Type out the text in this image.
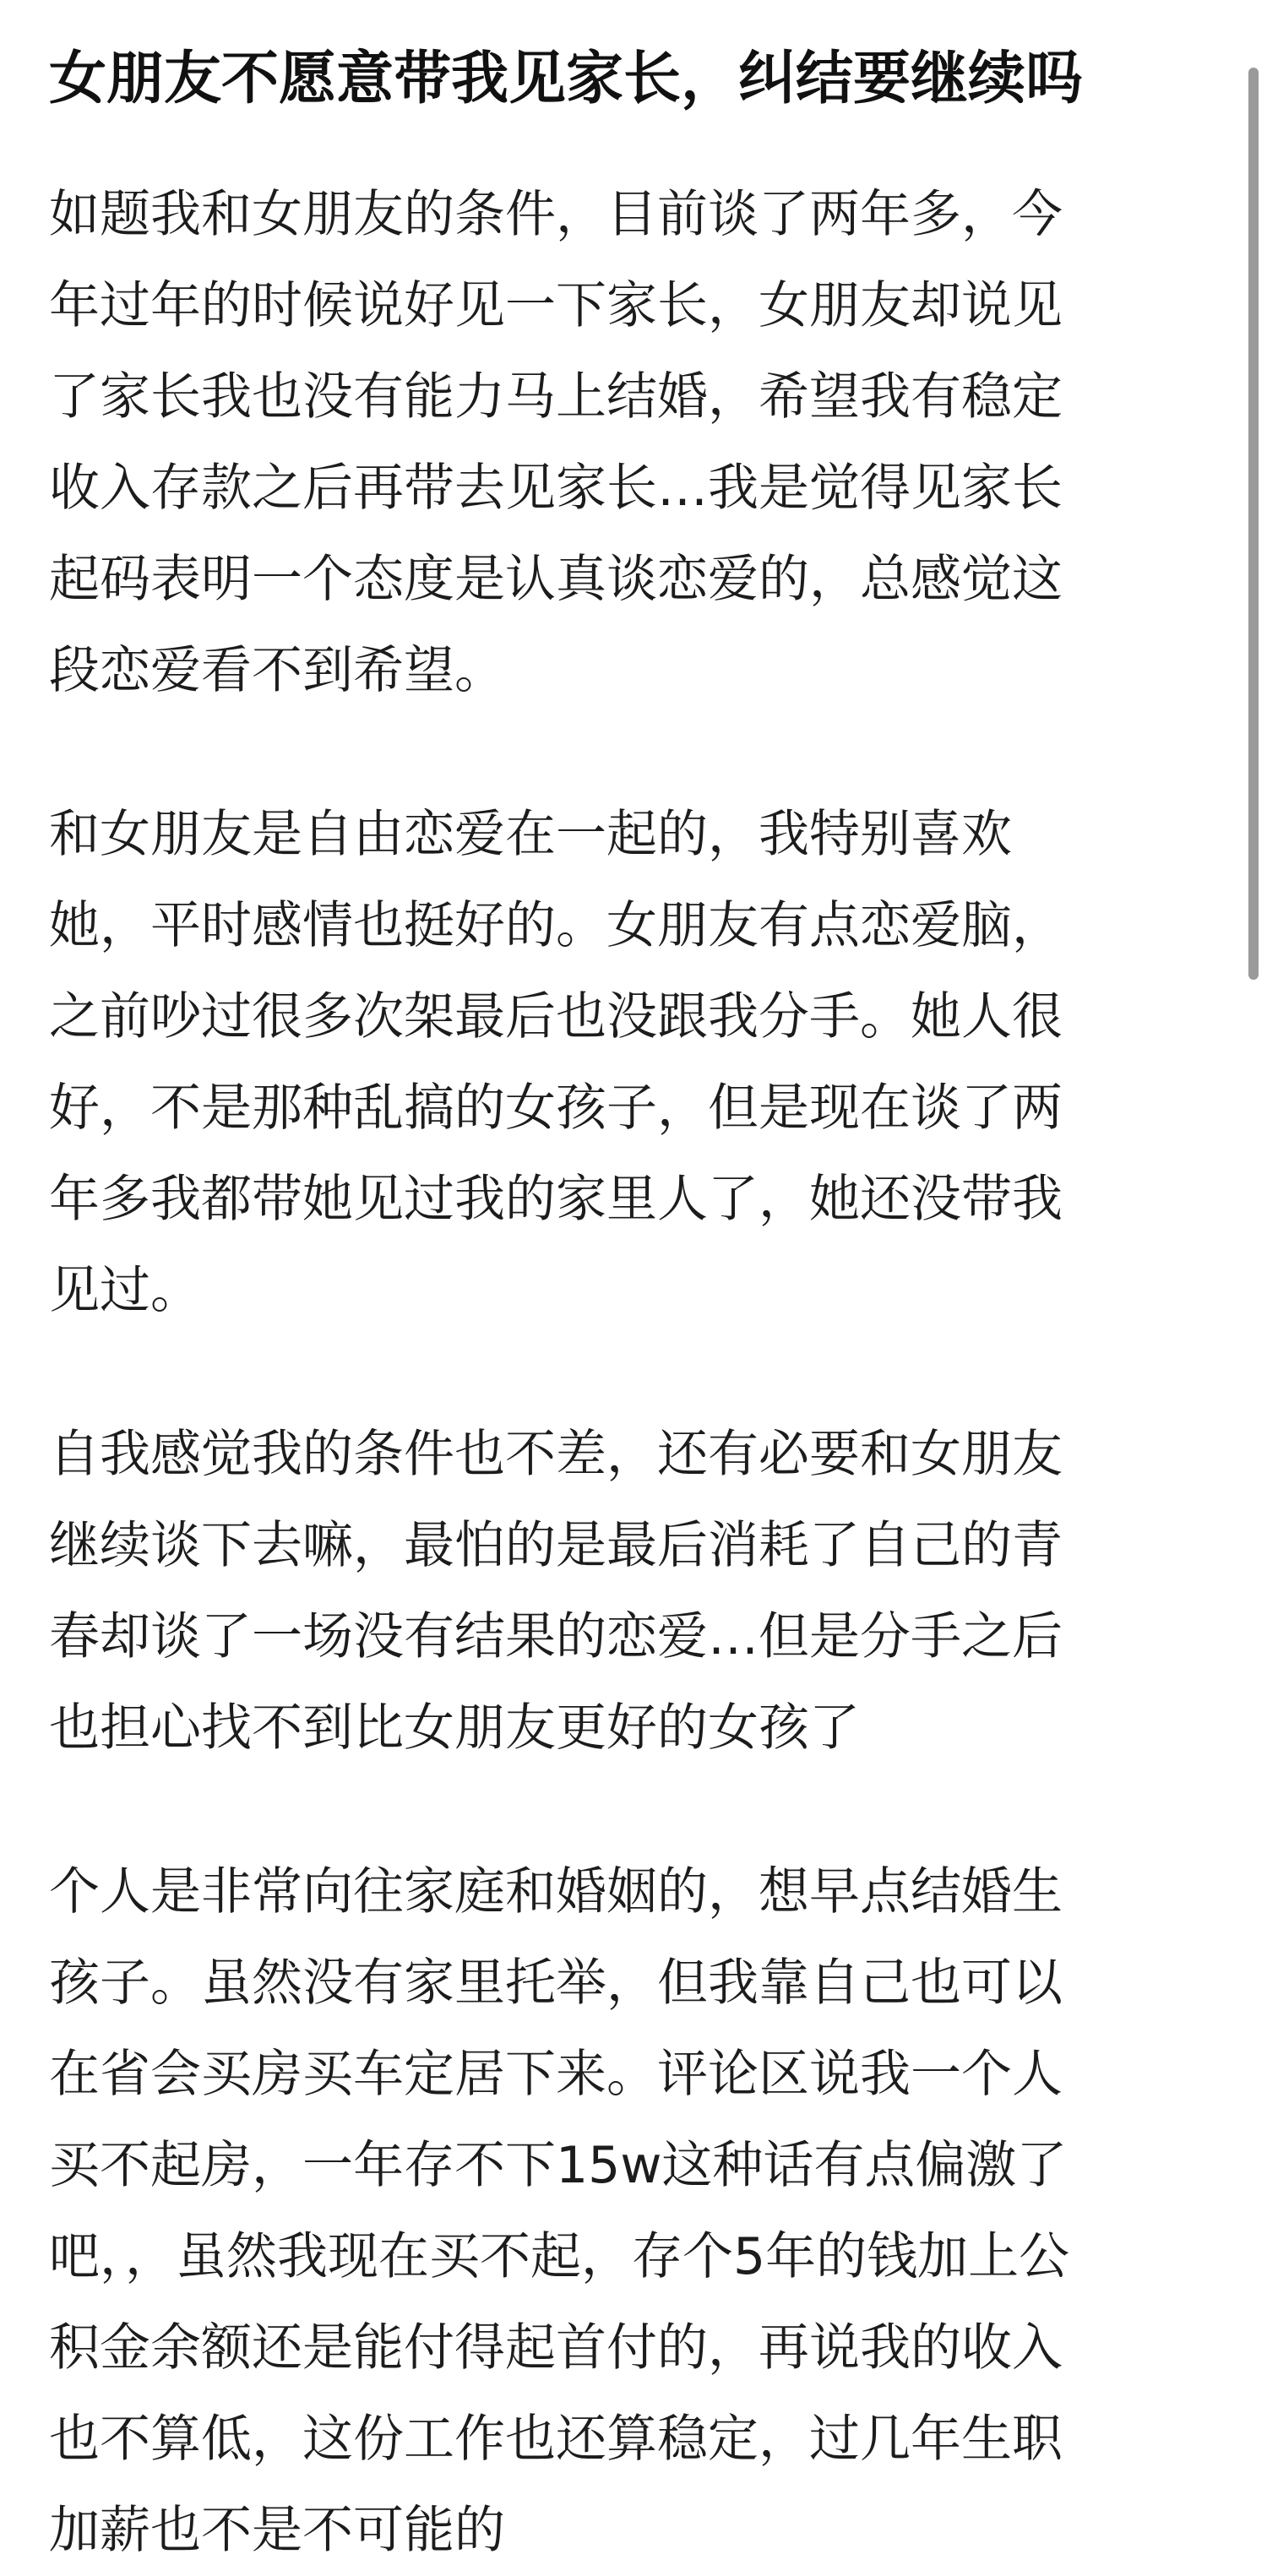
女朋友不愿意带我见家长，纠结要继续吗

如题我和女朋友的条件，目前谈了两年多，今
年过年的时候说好见一下家长，女朋友却说见
了家长我也没有能力马上结婚，希望我有稳定
收入存款之后再带去见家长…我是觉得见家长
起码表明一个态度是认真谈恋爱的，总感觉这
段恋爱看不到希望。

和女朋友是自由恋爱在一起的，我特别喜欢
她，平时感情也挺好的。女朋友有点恋爱脑，
之前吵过很多次架最后也没跟我分手。她人很
好，不是那种乱搞的女孩子，但是现在谈了两
年多我都带她见过我的家里人了，她还没带我
见过。

自我感觉我的条件也不差，还有必要和女朋友
继续谈下去嘛，最怕的是最后消耗了自己的青
春却谈了一场没有结果的恋爱…但是分手之后
也担心找不到比女朋友更好的女孩了

个人是非常向往家庭和婚姻的，想早点结婚生
孩子。虽然没有家里托举，但我靠自己也可以
在省会买房买车定居下来。评论区说我一个人
买不起房，一年存不下15w这种话有点偏激了
吧，，虽然我现在买不起，存个5年的钱加上公
积金余额还是能付得起首付的，再说我的收入
也不算低，这份工作也还算稳定，过几年生职
加薪也不是不可能的
